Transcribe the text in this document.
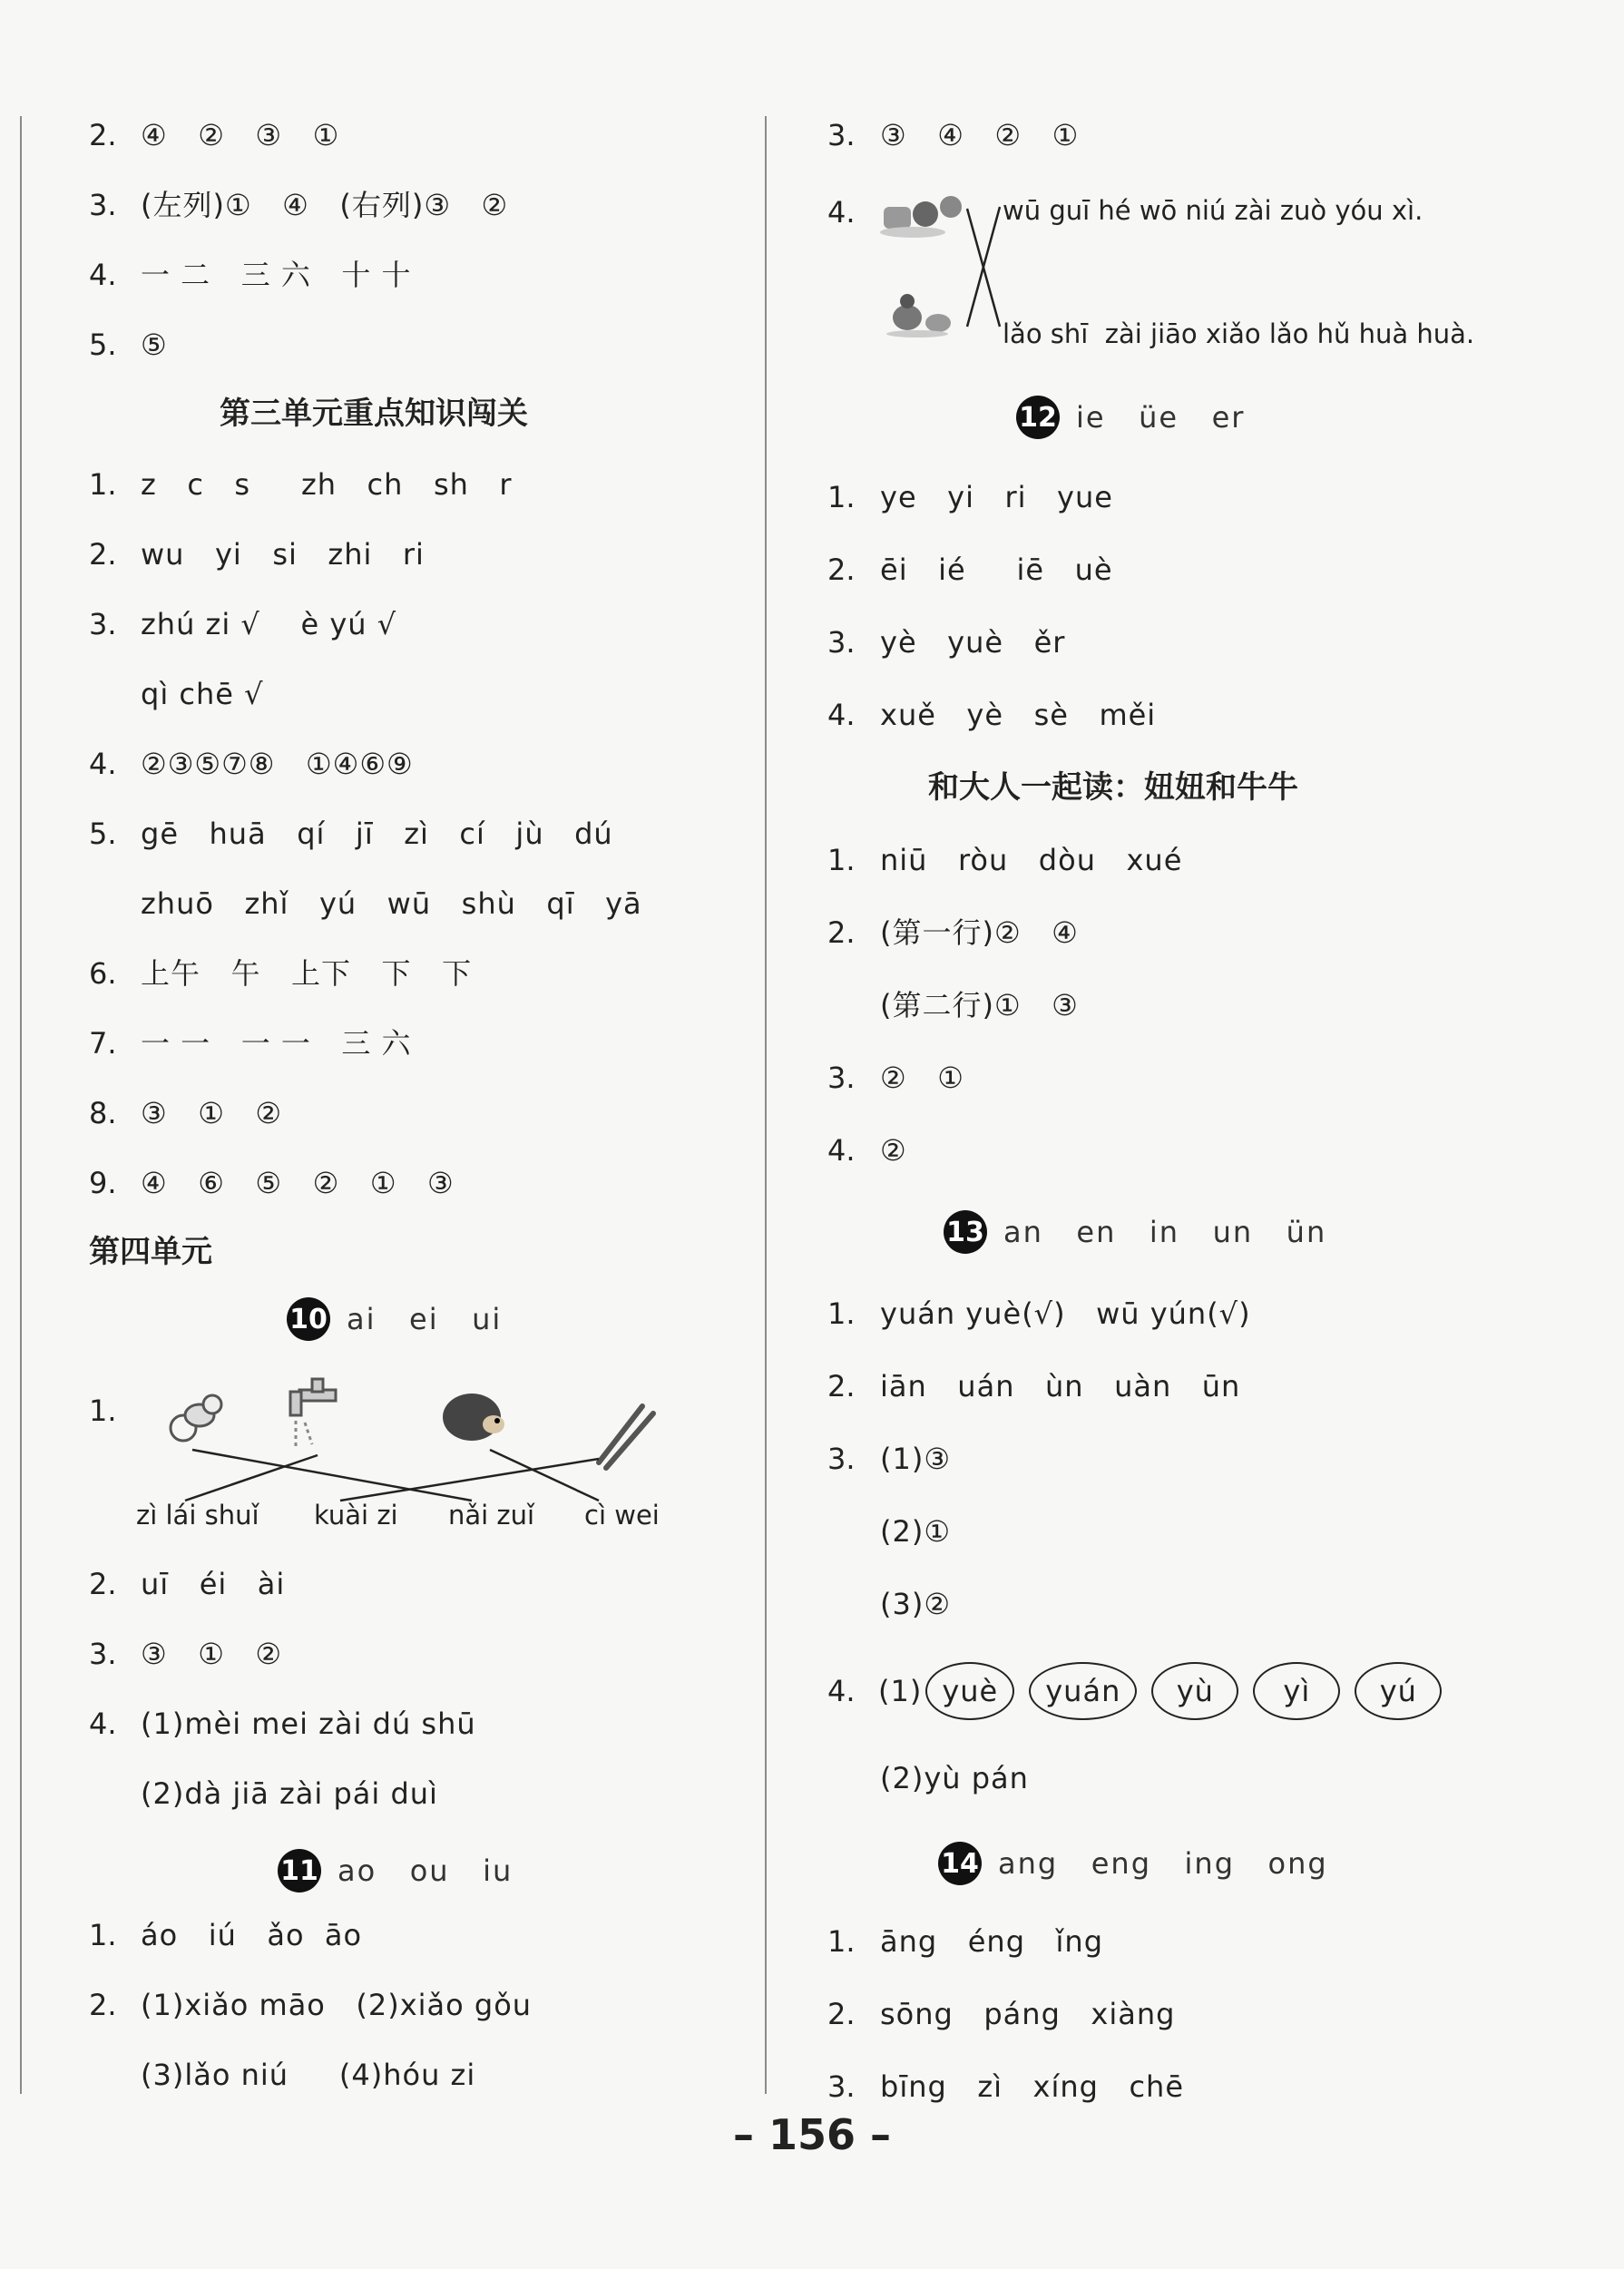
2. ④   ②   ③   ①
3. (左列)①   ④   (右列)③   ②
4. 一 二   三 六   十 十
5. ⑤
第三单元重点知识闯关
1. z   c   s     zh   ch   sh   r
2. wu   yi   si   zhi   ri
3. zhú zi √    è yú √
qì chē √
4. ②③⑤⑦⑧   ①④⑥⑨
5. gē   huā   qí   jī   zì   cí   jù   dú
zhuō   zhǐ   yú   wū   shù   qī   yā
6. 上午   午   上下   下   下
7. 一 一   一 一   三 六
8. ③   ①   ②
9. ④   ⑥   ⑤   ②   ①   ③
第四单元
10 ai   ei   ui
1.
zì lái shuǐ kuài zi nǎi zuǐ cì wei
2. uī   éi   ài
3. ③   ①   ②
4. (1)mèi mei zài dú shū
(2)dà jiā zài pái duì
11 ao   ou   iu
1. áo   iú   ǎo  āo
2. (1)xiǎo māo   (2)xiǎo gǒu
(3)lǎo niú     (4)hóu zi
3. ③   ④   ②   ①
4.	wū guī hé wō niú zài zuò yóu xì.
lǎo shī  zài jiāo xiǎo lǎo hǔ huà huà.
12 ie   üe   er
1. ye   yi   ri   yue
2. ēi   ié     iē   uè
3. yè   yuè   ěr
4. xuě   yè   sè   měi
和大人一起读：妞妞和牛牛
1. niū   ròu   dòu   xué
2. (第一行)②   ④
(第二行)①   ③
3. ②   ①
4. ②
13 an   en   in   un   ün
1. yuán yuè(√)   wū yún(√)
2. iān   uán   ùn   uàn   ūn
3. (1)③
(2)①
(3)②
4. (1) yuè	yuán	yù	yì	yú
(2)yù pán
14 ang   eng   ing   ong
1. āng   éng   ǐng
2. sōng   páng   xiàng
3. bīng   zì   xíng   chē
– 156 –
